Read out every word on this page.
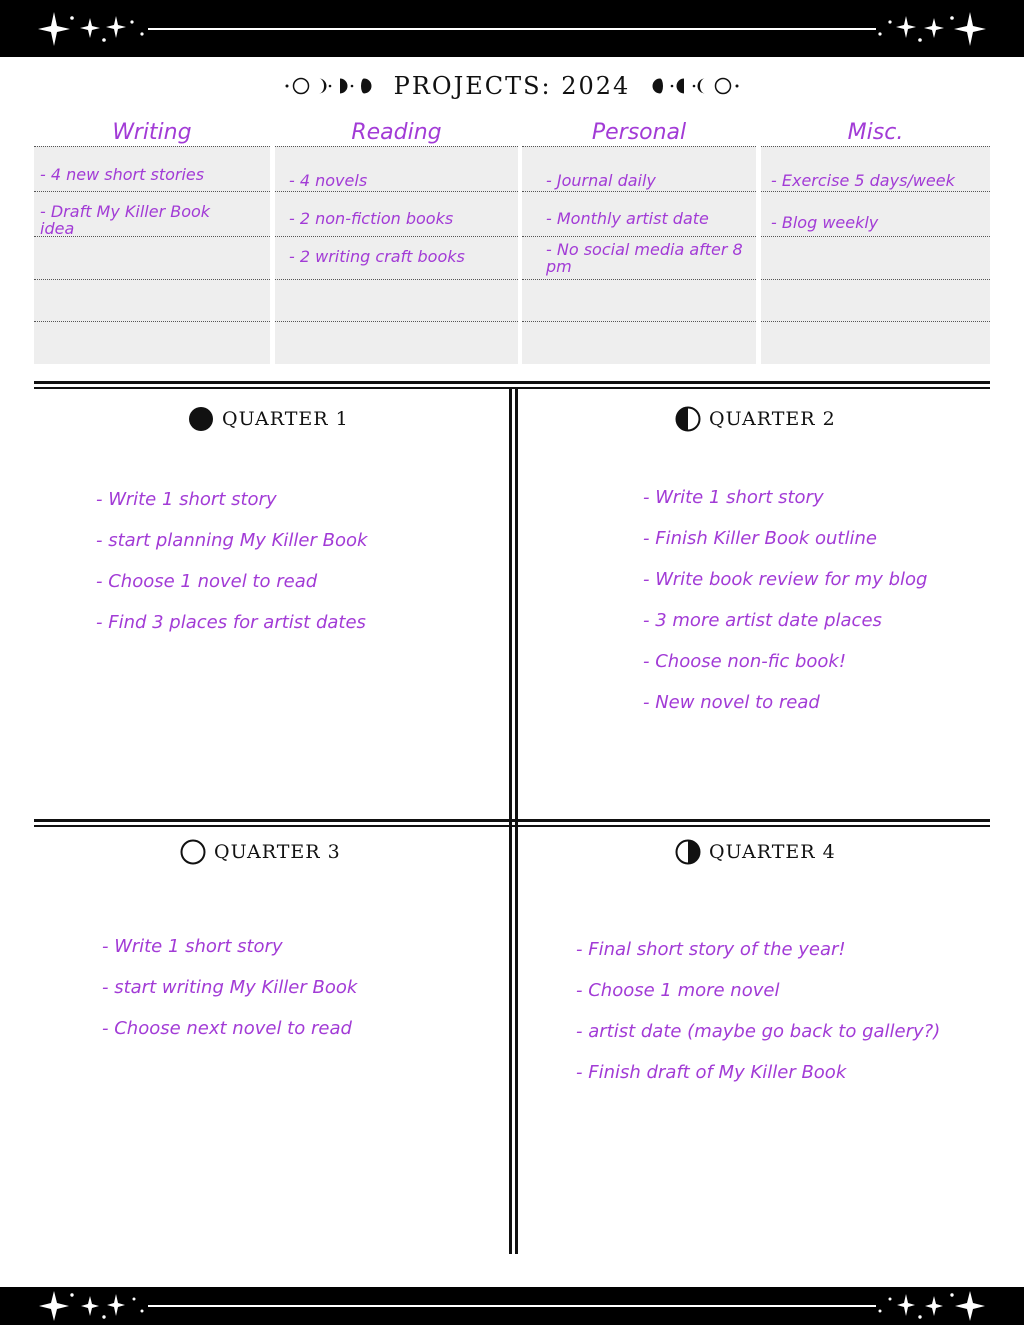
PROJECTS: 2024
Writing
- 4 new short stories
- Draft My Killer Book idea
Reading
- 4 novels
- 2 non-fiction books
- 2 writing craft books
Personal
- Journal daily
- Monthly artist date
- No social media after 8 pm
Misc.
- Exercise 5 days/week
- Blog weekly
QUARTER 1
- Write 1 short story
- start planning My Killer Book
- Choose 1 novel to read
- Find 3 places for artist dates
QUARTER 2
- Write 1 short story
- Finish Killer Book outline
- Write book review for my blog
- 3 more artist date places
- Choose non-fic book!
- New novel to read
QUARTER 3
- Write 1 short story
- start writing My Killer Book
- Choose next novel to read
QUARTER 4
- Final short story of the year!
- Choose 1 more novel
- artist date (maybe go back to gallery?)
- Finish draft of My Killer Book
